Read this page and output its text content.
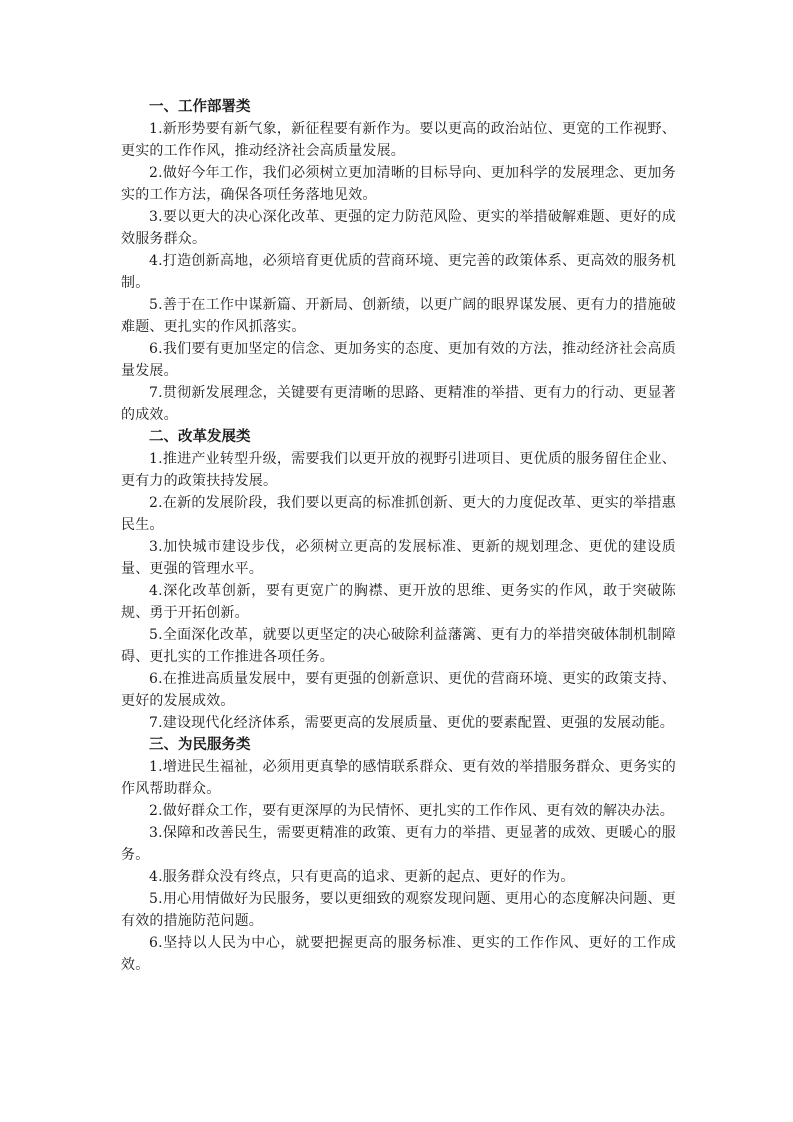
一、工作部署类

1.新形势要有新气象，新征程要有新作为。要以更高的政治站位、更宽的工作视野、更实的工作作风，推动经济社会高质量发展。

2.做好今年工作，我们必须树立更加清晰的目标导向、更加科学的发展理念、更加务实的工作方法，确保各项任务落地见效。

3.要以更大的决心深化改革、更强的定力防范风险、更实的举措破解难题、更好的成效服务群众。

4.打造创新高地，必须培育更优质的营商环境、更完善的政策体系、更高效的服务机制。

5.善于在工作中谋新篇、开新局、创新绩，以更广阔的眼界谋发展、更有力的措施破难题、更扎实的作风抓落实。

6.我们要有更加坚定的信念、更加务实的态度、更加有效的方法，推动经济社会高质量发展。

7.贯彻新发展理念，关键要有更清晰的思路、更精准的举措、更有力的行动、更显著的成效。

二、改革发展类

1.推进产业转型升级，需要我们以更开放的视野引进项目、更优质的服务留住企业、更有力的政策扶持发展。

2.在新的发展阶段，我们要以更高的标准抓创新、更大的力度促改革、更实的举措惠民生。

3.加快城市建设步伐，必须树立更高的发展标准、更新的规划理念、更优的建设质量、更强的管理水平。

4.深化改革创新，要有更宽广的胸襟、更开放的思维、更务实的作风，敢于突破陈规、勇于开拓创新。

5.全面深化改革，就要以更坚定的决心破除利益藩篱、更有力的举措突破体制机制障碍、更扎实的工作推进各项任务。

6.在推进高质量发展中，要有更强的创新意识、更优的营商环境、更实的政策支持、更好的发展成效。

7.建设现代化经济体系，需要更高的发展质量、更优的要素配置、更强的发展动能。

三、为民服务类

1.增进民生福祉，必须用更真挚的感情联系群众、更有效的举措服务群众、更务实的作风帮助群众。

2.做好群众工作，要有更深厚的为民情怀、更扎实的工作作风、更有效的解决办法。

3.保障和改善民生，需要更精准的政策、更有力的举措、更显著的成效、更暖心的服务。

4.服务群众没有终点，只有更高的追求、更新的起点、更好的作为。

5.用心用情做好为民服务，要以更细致的观察发现问题、更用心的态度解决问题、更有效的措施防范问题。

6.坚持以人民为中心，就要把握更高的服务标准、更实的工作作风、更好的工作成效。
